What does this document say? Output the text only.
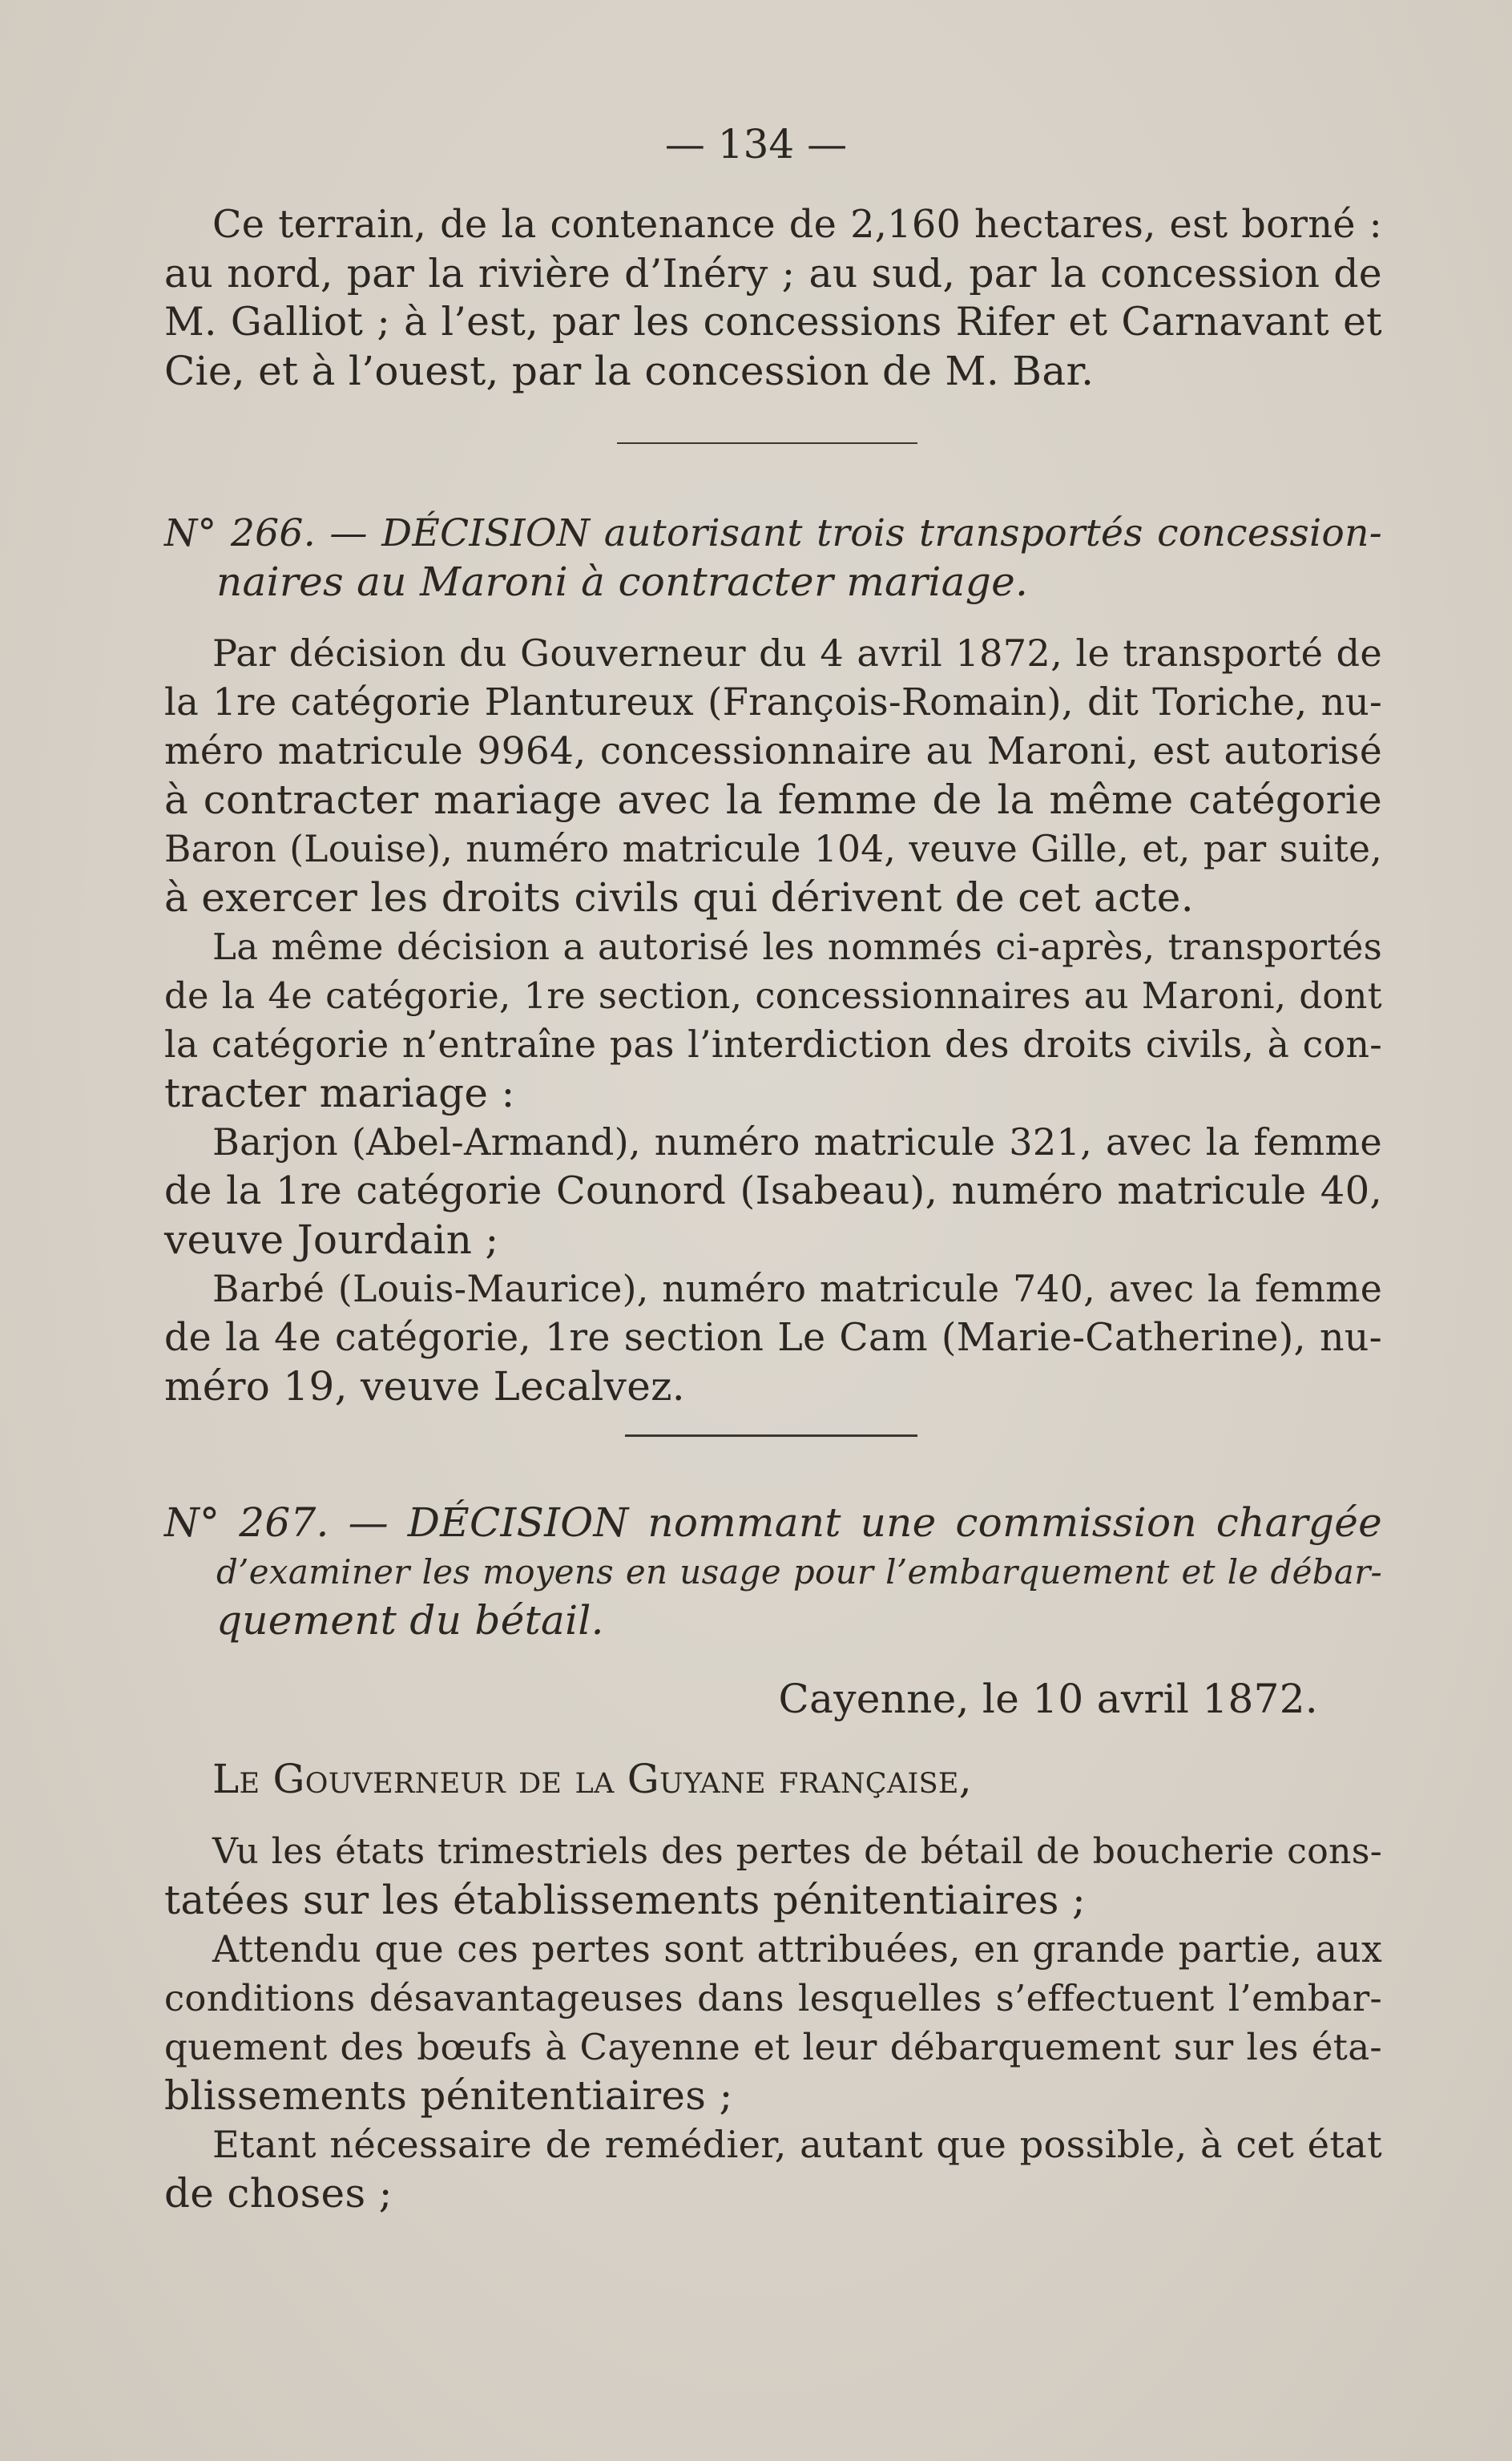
— 134 —
Ce terrain, de la contenance de 2,160 hectares, est borné :
au nord, par la rivière d’Inéry ; au sud, par la concession de
M. Galliot ; à l’est, par les concessions Rifer et Carnavant et
Cie, et à l’ouest, par la concession de M. Bar.
N° 266. — DÉCISION autorisant trois transportés concession-
naires au Maroni à contracter mariage.
Par décision du Gouverneur du 4 avril 1872, le transporté de
la 1re catégorie Plantureux (François-Romain), dit Toriche, nu-
méro matricule 9964, concessionnaire au Maroni, est autorisé
à contracter mariage avec la femme de la même catégorie
Baron (Louise), numéro matricule 104, veuve Gille, et, par suite,
à exercer les droits civils qui dérivent de cet acte.
La même décision a autorisé les nommés ci-après, transportés
de la 4e catégorie, 1re section, concessionnaires au Maroni, dont
la catégorie n’entraîne pas l’interdiction des droits civils, à con-
tracter mariage :
Barjon (Abel-Armand), numéro matricule 321, avec la femme
de la 1re catégorie Counord (Isabeau), numéro matricule 40,
veuve Jourdain ;
Barbé (Louis-Maurice), numéro matricule 740, avec la femme
de la 4e catégorie, 1re section Le Cam (Marie-Catherine), nu-
méro 19, veuve Lecalvez.
N° 267. — DÉCISION nommant une commission chargée
d’examiner les moyens en usage pour l’embarquement et le débar-
quement du bétail.
Cayenne, le 10 avril 1872.
Le Gouverneur de la Guyane française,
Vu les états trimestriels des pertes de bétail de boucherie cons-
tatées sur les établissements pénitentiaires ;
Attendu que ces pertes sont attribuées, en grande partie, aux
conditions désavantageuses dans lesquelles s’effectuent l’embar-
quement des bœufs à Cayenne et leur débarquement sur les éta-
blissements pénitentiaires ;
Etant nécessaire de remédier, autant que possible, à cet état
de choses ;
